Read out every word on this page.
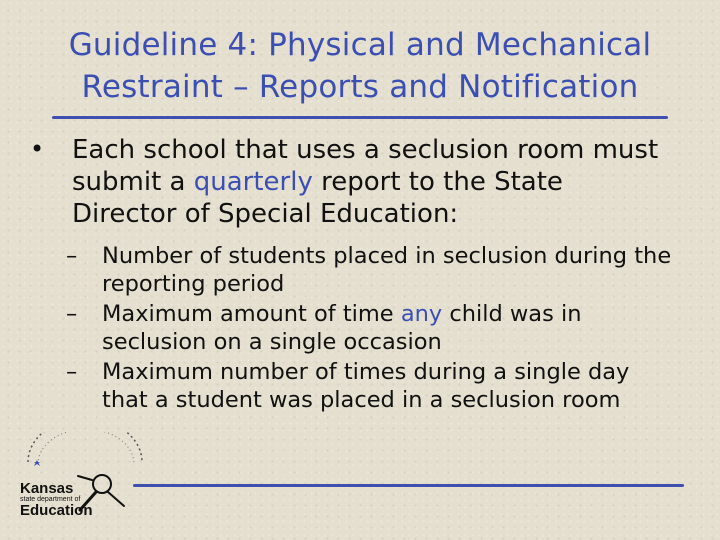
Guideline 4: Physical and Mechanical
Restraint – Reports and Notification
• Each school that uses a seclusion room must submit a quarterly report to the State Director of Special Education:
– Number of students placed in seclusion during the reporting period
– Maximum amount of time any child was in seclusion on a single occasion
– Maximum number of times during a single day that a student was placed in a seclusion room
Kansas
state department of
Education
